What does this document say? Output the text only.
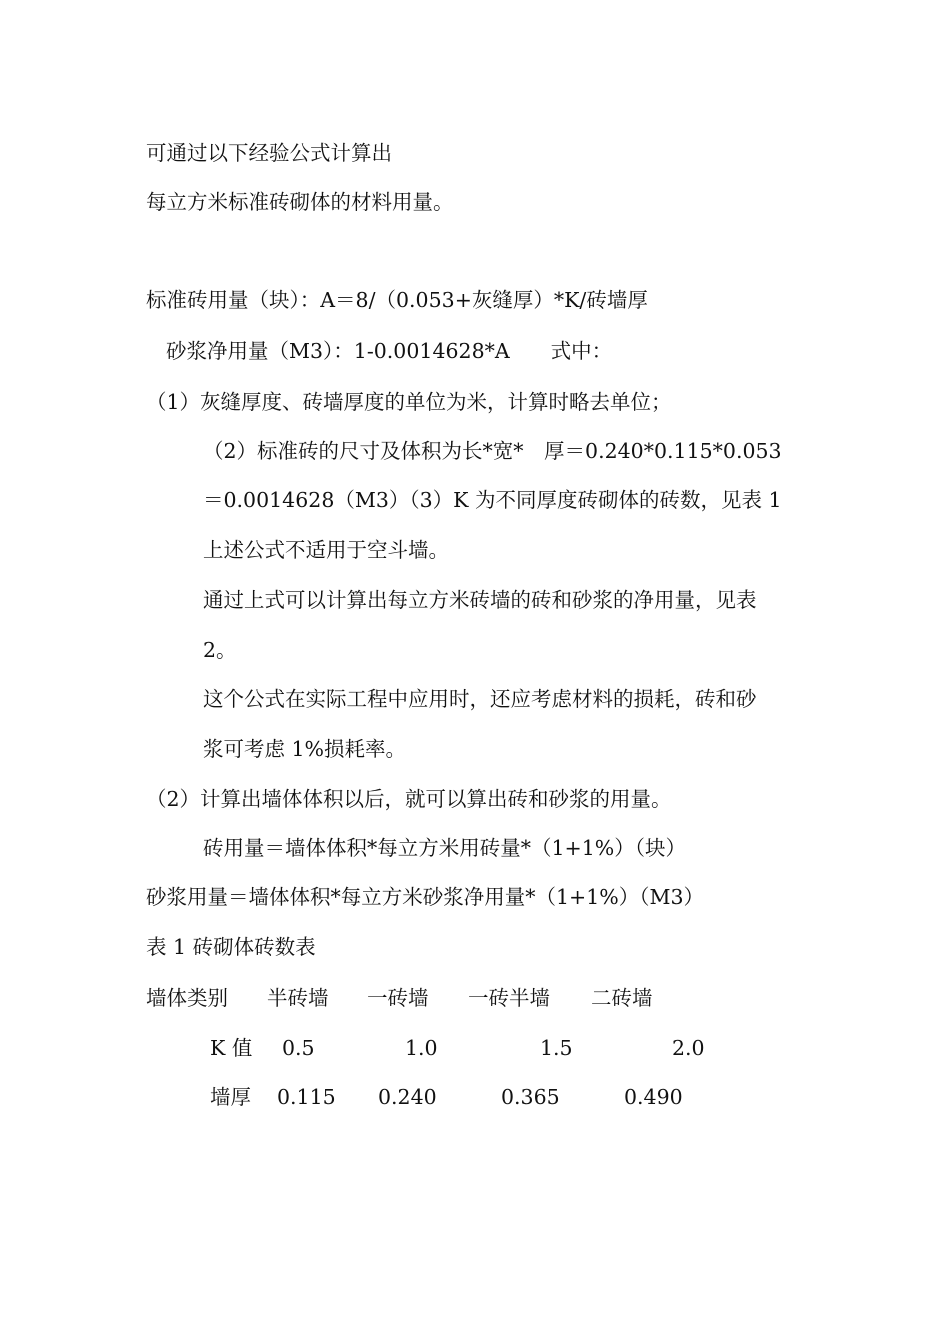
可通过以下经验公式计算出
每立方米标准砖砌体的材料用量。
标准砖用量（块）：A＝8/（0.053+灰缝厚）*K/砖墙厚
砂浆净用量（M3）：1-0.0014628*A　　式中：
（1）灰缝厚度、砖墙厚度的单位为米，计算时略去单位；
（2）标准砖的尺寸及体积为长*宽*　厚＝0.240*0.115*0.053
＝0.0014628（M3）（3）K 为不同厚度砖砌体的砖数，见表 1
上述公式不适用于空斗墙。
通过上式可以计算出每立方米砖墙的砖和砂浆的净用量，见表
2。
这个公式在实际工程中应用时，还应考虑材料的损耗，砖和砂
浆可考虑 1%损耗率。
（2）计算出墙体体积以后，就可以算出砖和砂浆的用量。
砖用量＝墙体体积*每立方米用砖量*（1+1%）（块）
砂浆用量＝墙体体积*每立方米砂浆净用量*（1+1%）（M3）
表 1 砖砌体砖数表
墙体类别 半砖墙 一砖墙 一砖半墙 二砖墙
K 值 0.5	1.0	1.5	2.0
墙厚 0.115 0.240	0.365	0.490
